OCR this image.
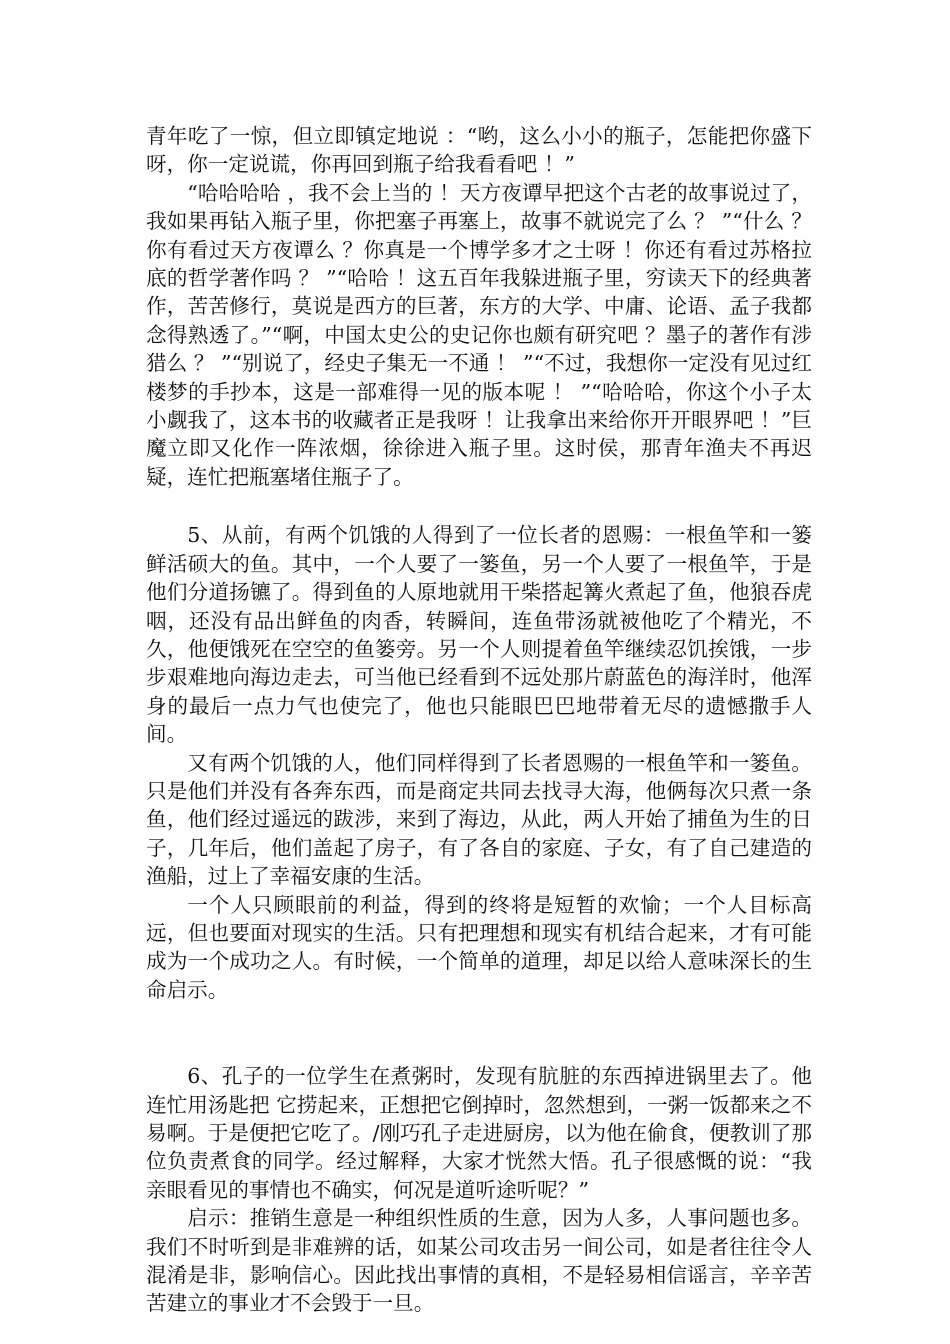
青年吃了一惊，但立即镇定地说 ：“哟，这么小小的瓶子，怎能把你盛下呀，你一定说谎，你再回到瓶子给我看看吧 ！”

“哈哈哈哈 ，我不会上当的 ！天方夜谭早把这个古老的故事说过了，我如果再钻入瓶子里，你把塞子再塞上，故事不就说完了么 ？ ”“什么 ？你有看过天方夜谭么 ？你真是一个博学多才之士呀 ！你还有看过苏格拉底的哲学著作吗 ？ ”“哈哈 ！这五百年我躲进瓶子里，穷读天下的经典著作，苦苦修行，莫说是西方的巨著，东方的大学、中庸、论语、孟子我都念得熟透了。”“啊，中国太史公的史记你也颇有研究吧 ？墨子的著作有涉猎么 ？ ”“别说了，经史子集无一不通 ！ ”“不过，我想你一定没有见过红楼梦的手抄本，这是一部难得一见的版本呢 ！ ”“哈哈哈，你这个小子太小觑我了，这本书的收藏者正是我呀 ！让我拿出来给你开开眼界吧 ！”巨魔立即又化作一阵浓烟，徐徐进入瓶子里。这时侯，那青年渔夫不再迟疑，连忙把瓶塞堵住瓶子了。

5、从前，有两个饥饿的人得到了一位长者的恩赐：一根鱼竿和一篓鲜活硕大的鱼。其中，一个人要了一篓鱼，另一个人要了一根鱼竿，于是他们分道扬镳了。得到鱼的人原地就用干柴搭起篝火煮起了鱼，他狼吞虎咽，还没有品出鲜鱼的肉香，转瞬间，连鱼带汤就被他吃了个精光，不久，他便饿死在空空的鱼篓旁。另一个人则提着鱼竿继续忍饥挨饿，一步步艰难地向海边走去，可当他已经看到不远处那片蔚蓝色的海洋时，他浑身的最后一点力气也使完了，他也只能眼巴巴地带着无尽的遗憾撒手人间。

又有两个饥饿的人，他们同样得到了长者恩赐的一根鱼竿和一篓鱼。只是他们并没有各奔东西，而是商定共同去找寻大海，他俩每次只煮一条鱼，他们经过遥远的跋涉，来到了海边，从此，两人开始了捕鱼为生的日子，几年后，他们盖起了房子，有了各自的家庭、子女，有了自己建造的渔船，过上了幸福安康的生活。

一个人只顾眼前的利益，得到的终将是短暂的欢愉；一个人目标高远，但也要面对现实的生活。只有把理想和现实有机结合起来，才有可能成为一个成功之人。有时候，一个简单的道理，却足以给人意味深长的生命启示。

6、孔子的一位学生在煮粥时，发现有肮脏的东西掉进锅里去了。他连忙用汤匙把 它捞起来，正想把它倒掉时，忽然想到，一粥一饭都来之不易啊。于是便把它吃了。/刚巧孔子走进厨房，以为他在偷食，便教训了那位负责煮食的同学。经过解释，大家才恍然大悟。孔子很感慨的说：“我亲眼看见的事情也不确实，何况是道听途听呢？”

启示：推销生意是一种组织性质的生意，因为人多，人事问题也多。我们不时听到是非难辨的话，如某公司攻击另一间公司，如是者往往令人混淆是非，影响信心。因此找出事情的真相，不是轻易相信谣言，辛辛苦苦建立的事业才不会毁于一旦。
